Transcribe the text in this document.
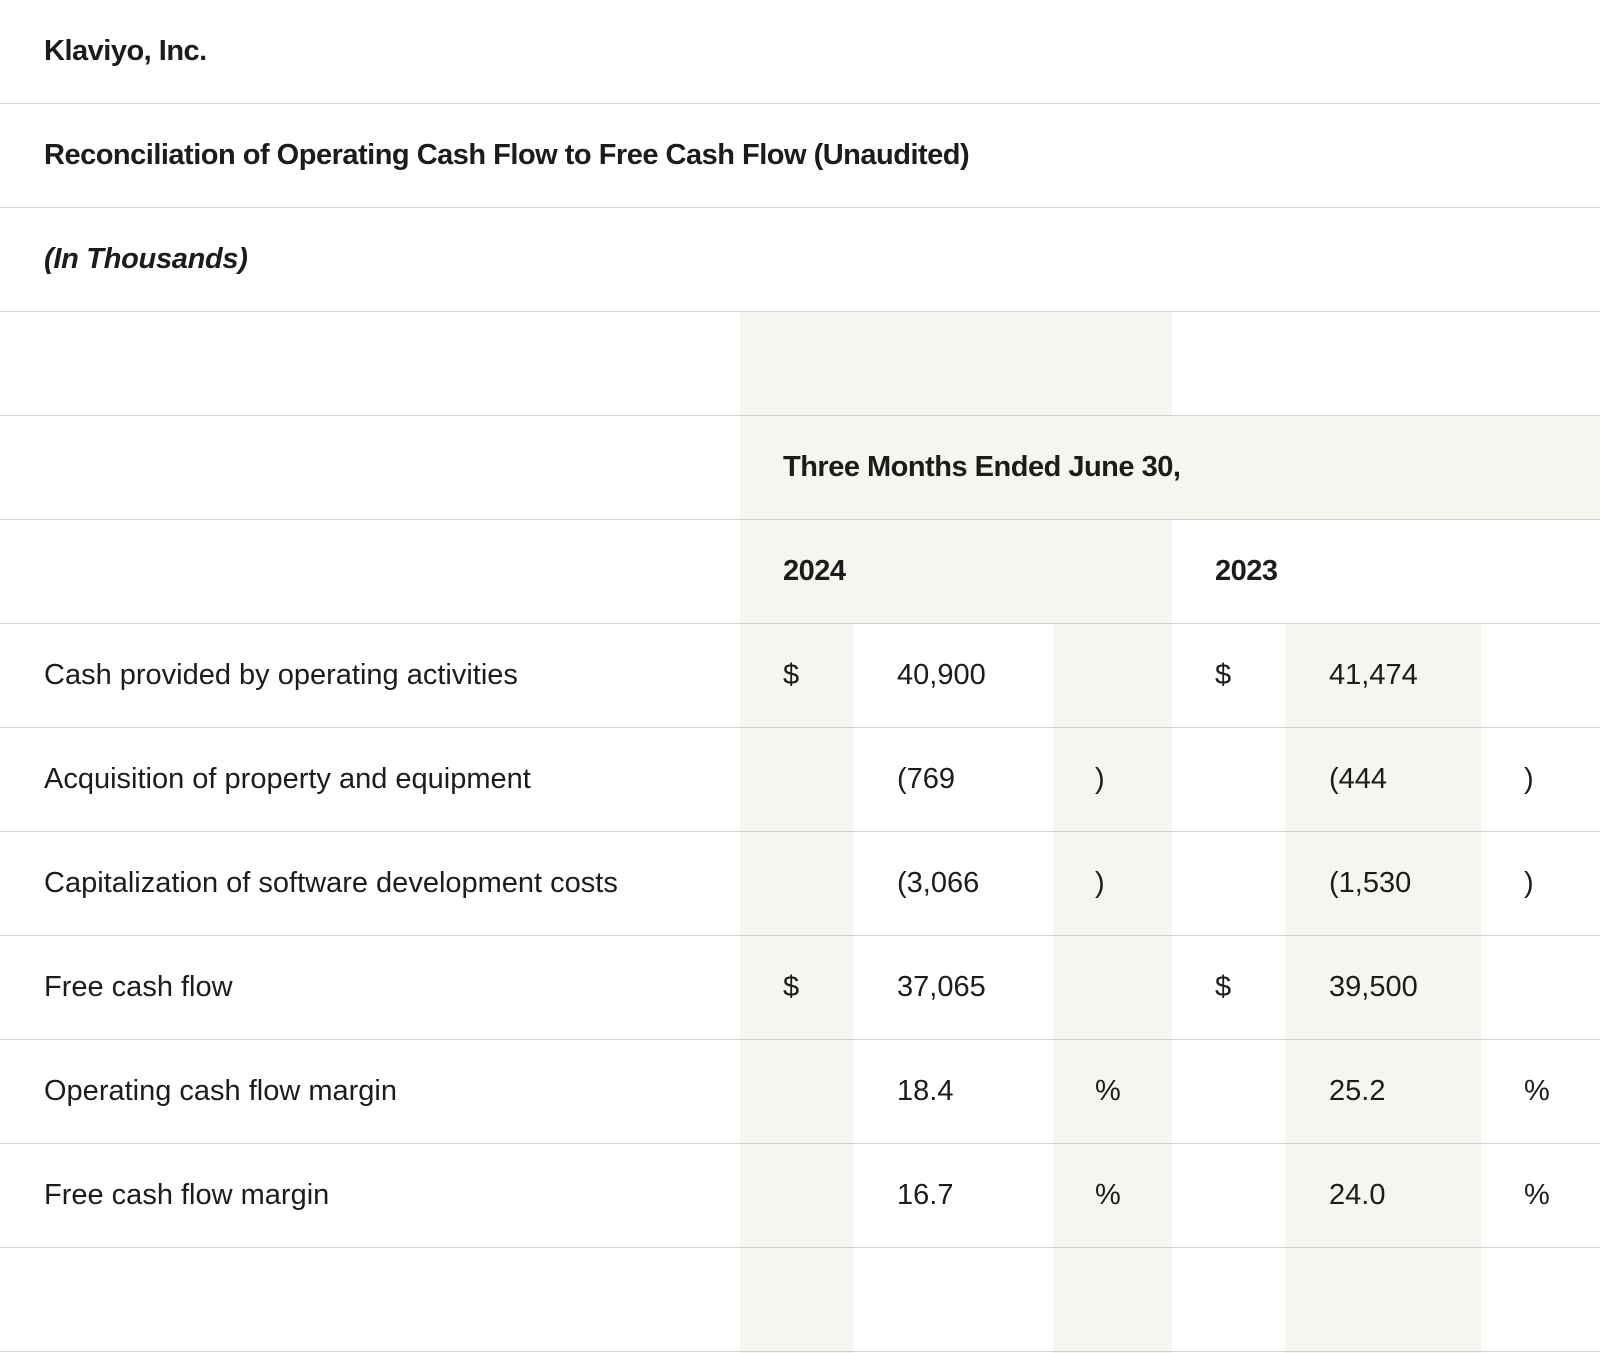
Klaviyo, Inc.
Reconciliation of Operating Cash Flow to Free Cash Flow (Unaudited)
(In Thousands)
Three Months Ended June 30,
2024	2023
Cash provided by operating activities	$	40,900	$	41,474
Acquisition of property and equipment	(769	)	(444	)
Capitalization of software development costs	(3,066	)	(1,530	)
Free cash flow	$	37,065	$	39,500
Operating cash flow margin	18.4	%	25.2	%
Free cash flow margin	16.7	%	24.0	%
